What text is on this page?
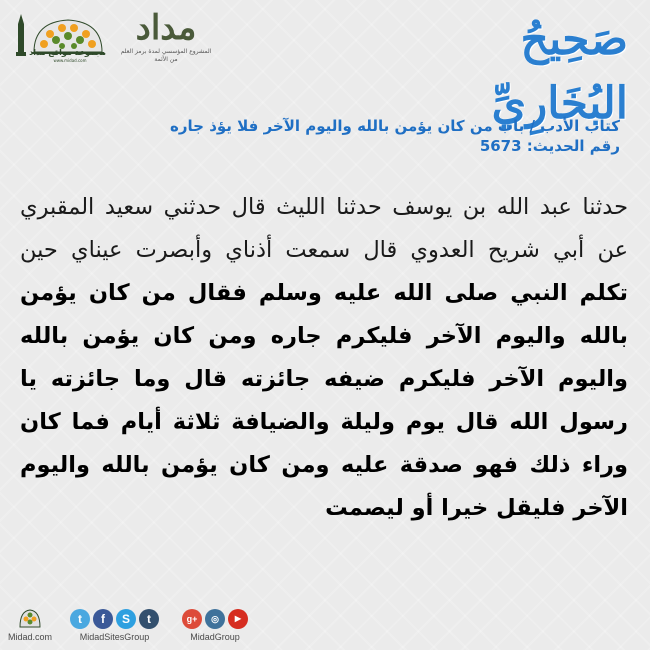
مجموعة مواقع مداد
www.midad.com
مداد
المشروع المؤسسي لمدة برمز العلم من الأئمة	صَحِيحُ البُخَارِيِّ
كتاب الأدب / باب من كان يؤمن بالله واليوم الآخر فلا يؤذ جاره
رقم الحديث: 5673
حدثنا عبد الله بن يوسف حدثنا الليث قال حدثني سعيد المقبري عن أبي شريح العدوي قال سمعت أذناي وأبصرت عيناي حين تكلم النبي صلى الله عليه وسلم فقال من كان يؤمن بالله واليوم الآخر فليكرم جاره ومن كان يؤمن بالله واليوم الآخر فليكرم ضيفه جائزته قال وما جائزته يا رسول الله قال يوم وليلة والضيافة ثلاثة أيام فما كان وراء ذلك فهو صدقة عليه ومن كان يؤمن بالله واليوم الآخر فليقل خيرا أو ليصمت
Midad.com
t	f	S	t
MidadSitesGroup
g+	◎	▶
MidadGroup
